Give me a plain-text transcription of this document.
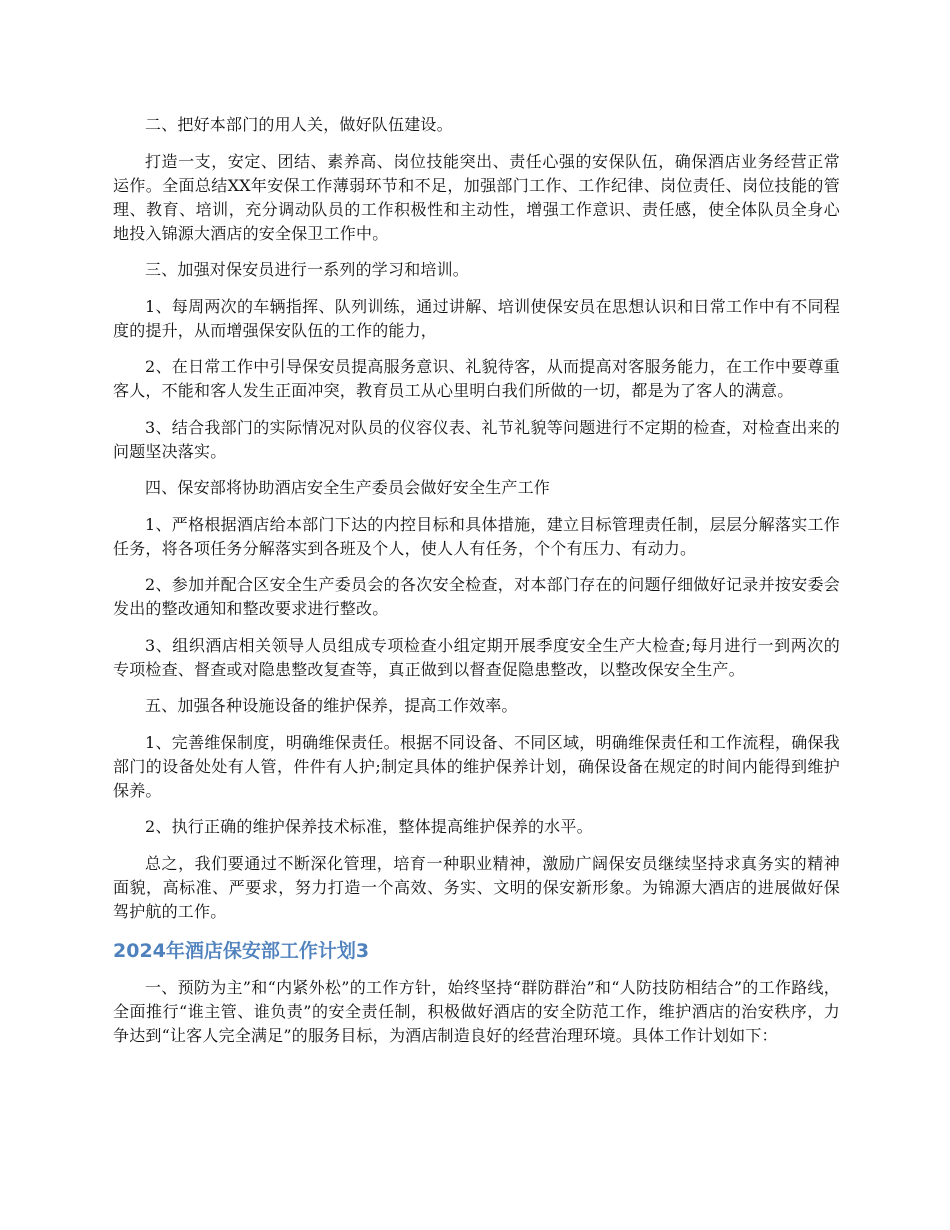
二、把好本部门的用人关，做好队伍建设。

打造一支，安定、团结、素养高、岗位技能突出、责任心强的安保队伍，确保酒店业务经营正常运作。全面总结XX年安保工作薄弱环节和不足，加强部门工作、工作纪律、岗位责任、岗位技能的管理、教育、培训，充分调动队员的工作积极性和主动性，增强工作意识、责任感，使全体队员全身心地投入锦源大酒店的安全保卫工作中。

三、加强对保安员进行一系列的学习和培训。

1、每周两次的车辆指挥、队列训练，通过讲解、培训使保安员在思想认识和日常工作中有不同程度的提升，从而增强保安队伍的工作的能力，

2、在日常工作中引导保安员提高服务意识、礼貌待客，从而提高对客服务能力，在工作中要尊重客人，不能和客人发生正面冲突，教育员工从心里明白我们所做的一切，都是为了客人的满意。

3、结合我部门的实际情况对队员的仪容仪表、礼节礼貌等问题进行不定期的检查，对检查出来的问题坚决落实。

四、保安部将协助酒店安全生产委员会做好安全生产工作

1、严格根据酒店给本部门下达的内控目标和具体措施，建立目标管理责任制，层层分解落实工作任务，将各项任务分解落实到各班及个人，使人人有任务，个个有压力、有动力。

2、参加并配合区安全生产委员会的各次安全检查，对本部门存在的问题仔细做好记录并按安委会发出的整改通知和整改要求进行整改。

3、组织酒店相关领导人员组成专项检查小组定期开展季度安全生产大检查;每月进行一到两次的专项检查、督查或对隐患整改复查等，真正做到以督查促隐患整改，以整改保安全生产。

五、加强各种设施设备的维护保养，提高工作效率。

1、完善维保制度，明确维保责任。根据不同设备、不同区域，明确维保责任和工作流程，确保我部门的设备处处有人管，件件有人护;制定具体的维护保养计划，确保设备在规定的时间内能得到维护保养。

2、执行正确的维护保养技术标准，整体提高维护保养的水平。

总之，我们要通过不断深化管理，培育一种职业精神，激励广阔保安员继续坚持求真务实的精神面貌，高标准、严要求，努力打造一个高效、务实、文明的保安新形象。为锦源大酒店的进展做好保驾护航的工作。

2024年酒店保安部工作计划3

一、预防为主”和“内紧外松”的工作方针，始终坚持“群防群治”和“人防技防相结合”的工作路线，全面推行“谁主管、谁负责”的安全责任制，积极做好酒店的安全防范工作，维护酒店的治安秩序，力争达到“让客人完全满足”的服务目标，为酒店制造良好的经营治理环境。具体工作计划如下：
